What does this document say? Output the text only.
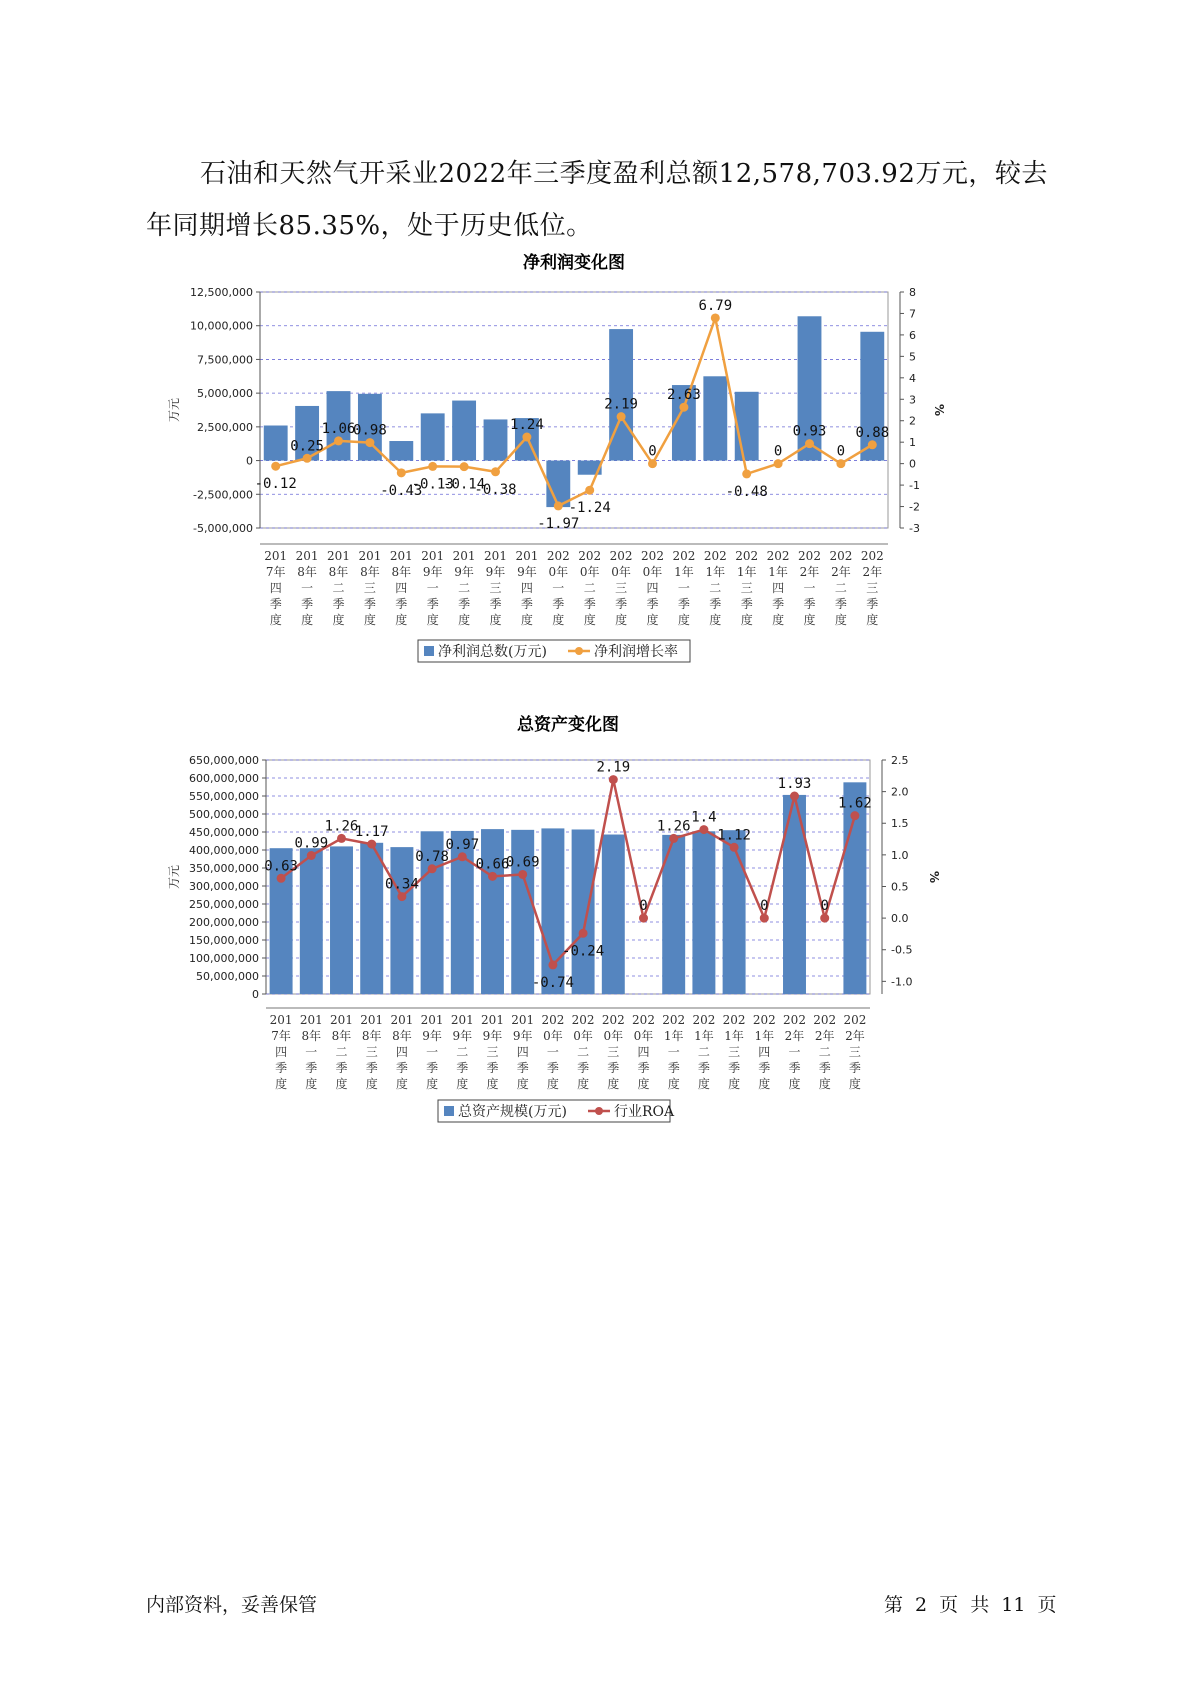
石油和天然气开采业2022年三季度盈利总额12,578,703.92万元，较去年同期增长85.35%，处于历史低位。

净利润变化图
-5,000,000
-2,500,000
0
2,500,000
5,000,000
7,500,000
10,000,000
12,500,000
-3
-2
-1
0
1
2
3
4
5
6
7
8
万元	%
-0.12
0.25
1.06
0.98
-0.43
-0.13
-0.14
-0.38
1.24
-1.97
-1.24
2.19
0
2.63
6.79
-0.48
0
0.93
0
0.88
201
7年
四
季
度
201
8年
一
季
度
201
8年
二
季
度
201
8年
三
季
度
201
8年
四
季
度
201
9年
一
季
度
201
9年
二
季
度
201
9年
三
季
度
201
9年
四
季
度
202
0年
一
季
度
202
0年
二
季
度
202
0年
三
季
度
202
0年
四
季
度
202
1年
一
季
度
202
1年
二
季
度
202
1年
三
季
度
202
1年
四
季
度
202
2年
一
季
度
202
2年
二
季
度
202
2年
三
季
度
净利润总数(万元)	净利润增长率
总资产变化图
0
50,000,000
100,000,000
150,000,000
200,000,000
250,000,000
300,000,000
350,000,000
400,000,000
450,000,000
500,000,000
550,000,000
600,000,000
650,000,000
-1.0
-0.5
0.0
0.5
1.0
1.5
2.0
2.5
万元	%
0.63
0.99
1.26
1.17
0.34
0.78
0.97
0.66
0.69
-0.74
-0.24
2.19
0
1.26
1.4
1.12
0
1.93
0
1.62
201
7年
四
季
度
201
8年
一
季
度
201
8年
二
季
度
201
8年
三
季
度
201
8年
四
季
度
201
9年
一
季
度
201
9年
二
季
度
201
9年
三
季
度
201
9年
四
季
度
202
0年
一
季
度
202
0年
二
季
度
202
0年
三
季
度
202
0年
四
季
度
202
1年
一
季
度
202
1年
二
季
度
202
1年
三
季
度
202
1年
四
季
度
202
2年
一
季
度
202
2年
二
季
度
202
2年
三
季
度
总资产规模(万元)	行业ROA
内部资料，妥善保管	第 2 页 共 11 页
